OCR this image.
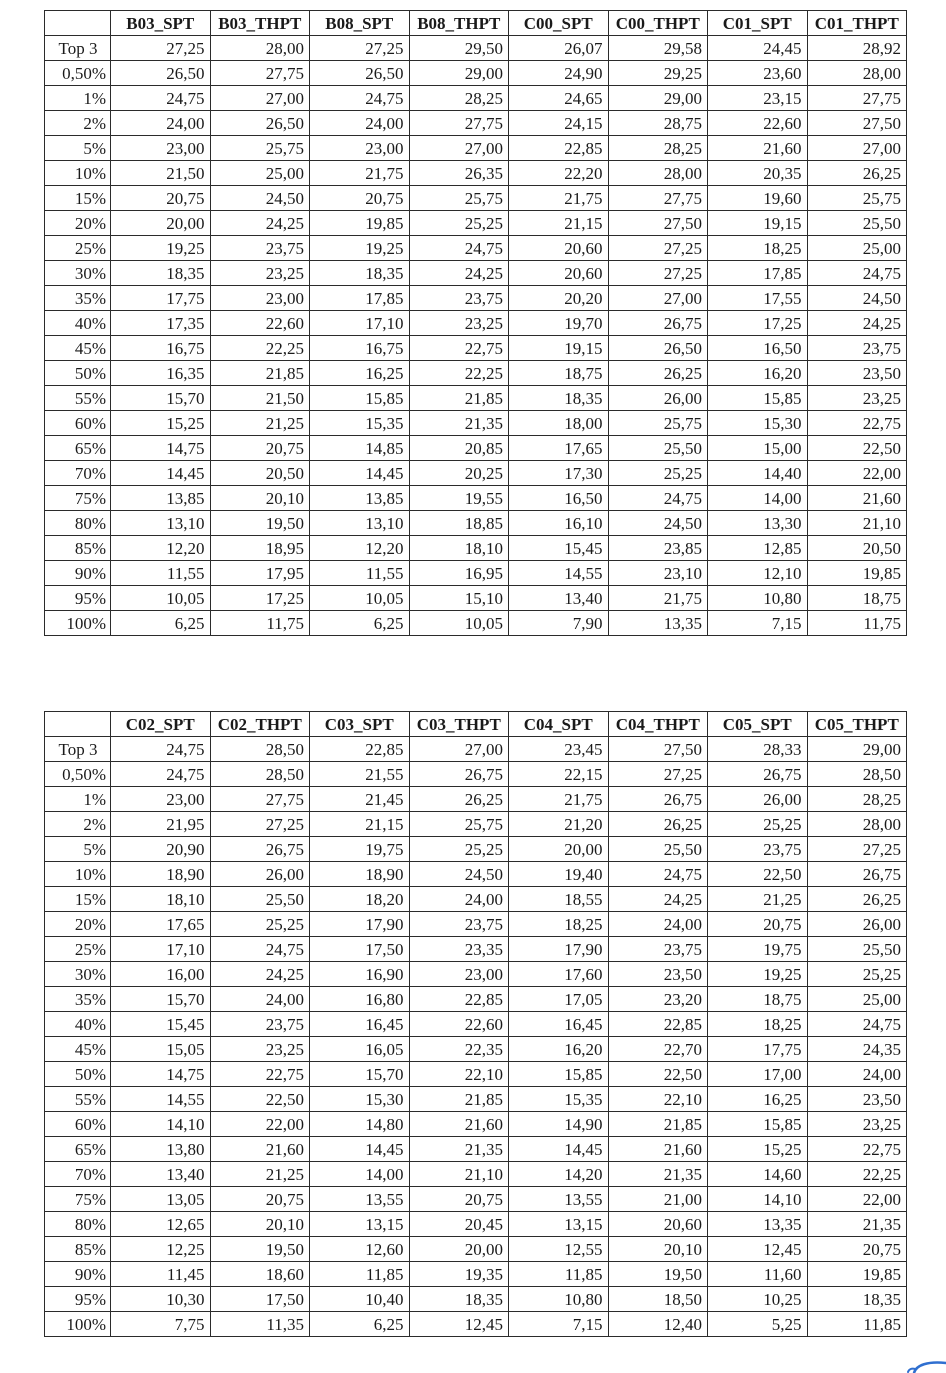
	B03_SPT	B03_THPT	B08_SPT	B08_THPT	C00_SPT	C00_THPT	C01_SPT	C01_THPT
Top 3	27,25	28,00	27,25	29,50	26,07	29,58	24,45	28,92
0,50%	26,50	27,75	26,50	29,00	24,90	29,25	23,60	28,00
1%	24,75	27,00	24,75	28,25	24,65	29,00	23,15	27,75
2%	24,00	26,50	24,00	27,75	24,15	28,75	22,60	27,50
5%	23,00	25,75	23,00	27,00	22,85	28,25	21,60	27,00
10%	21,50	25,00	21,75	26,35	22,20	28,00	20,35	26,25
15%	20,75	24,50	20,75	25,75	21,75	27,75	19,60	25,75
20%	20,00	24,25	19,85	25,25	21,15	27,50	19,15	25,50
25%	19,25	23,75	19,25	24,75	20,60	27,25	18,25	25,00
30%	18,35	23,25	18,35	24,25	20,60	27,25	17,85	24,75
35%	17,75	23,00	17,85	23,75	20,20	27,00	17,55	24,50
40%	17,35	22,60	17,10	23,25	19,70	26,75	17,25	24,25
45%	16,75	22,25	16,75	22,75	19,15	26,50	16,50	23,75
50%	16,35	21,85	16,25	22,25	18,75	26,25	16,20	23,50
55%	15,70	21,50	15,85	21,85	18,35	26,00	15,85	23,25
60%	15,25	21,25	15,35	21,35	18,00	25,75	15,30	22,75
65%	14,75	20,75	14,85	20,85	17,65	25,50	15,00	22,50
70%	14,45	20,50	14,45	20,25	17,30	25,25	14,40	22,00
75%	13,85	20,10	13,85	19,55	16,50	24,75	14,00	21,60
80%	13,10	19,50	13,10	18,85	16,10	24,50	13,30	21,10
85%	12,20	18,95	12,20	18,10	15,45	23,85	12,85	20,50
90%	11,55	17,95	11,55	16,95	14,55	23,10	12,10	19,85
95%	10,05	17,25	10,05	15,10	13,40	21,75	10,80	18,75
100%	6,25	11,75	6,25	10,05	7,90	13,35	7,15	11,75
	C02_SPT	C02_THPT	C03_SPT	C03_THPT	C04_SPT	C04_THPT	C05_SPT	C05_THPT
Top 3	24,75	28,50	22,85	27,00	23,45	27,50	28,33	29,00
0,50%	24,75	28,50	21,55	26,75	22,15	27,25	26,75	28,50
1%	23,00	27,75	21,45	26,25	21,75	26,75	26,00	28,25
2%	21,95	27,25	21,15	25,75	21,20	26,25	25,25	28,00
5%	20,90	26,75	19,75	25,25	20,00	25,50	23,75	27,25
10%	18,90	26,00	18,90	24,50	19,40	24,75	22,50	26,75
15%	18,10	25,50	18,20	24,00	18,55	24,25	21,25	26,25
20%	17,65	25,25	17,90	23,75	18,25	24,00	20,75	26,00
25%	17,10	24,75	17,50	23,35	17,90	23,75	19,75	25,50
30%	16,00	24,25	16,90	23,00	17,60	23,50	19,25	25,25
35%	15,70	24,00	16,80	22,85	17,05	23,20	18,75	25,00
40%	15,45	23,75	16,45	22,60	16,45	22,85	18,25	24,75
45%	15,05	23,25	16,05	22,35	16,20	22,70	17,75	24,35
50%	14,75	22,75	15,70	22,10	15,85	22,50	17,00	24,00
55%	14,55	22,50	15,30	21,85	15,35	22,10	16,25	23,50
60%	14,10	22,00	14,80	21,60	14,90	21,85	15,85	23,25
65%	13,80	21,60	14,45	21,35	14,45	21,60	15,25	22,75
70%	13,40	21,25	14,00	21,10	14,20	21,35	14,60	22,25
75%	13,05	20,75	13,55	20,75	13,55	21,00	14,10	22,00
80%	12,65	20,10	13,15	20,45	13,15	20,60	13,35	21,35
85%	12,25	19,50	12,60	20,00	12,55	20,10	12,45	20,75
90%	11,45	18,60	11,85	19,35	11,85	19,50	11,60	19,85
95%	10,30	17,50	10,40	18,35	10,80	18,50	10,25	18,35
100%	7,75	11,35	6,25	12,45	7,15	12,40	5,25	11,85
